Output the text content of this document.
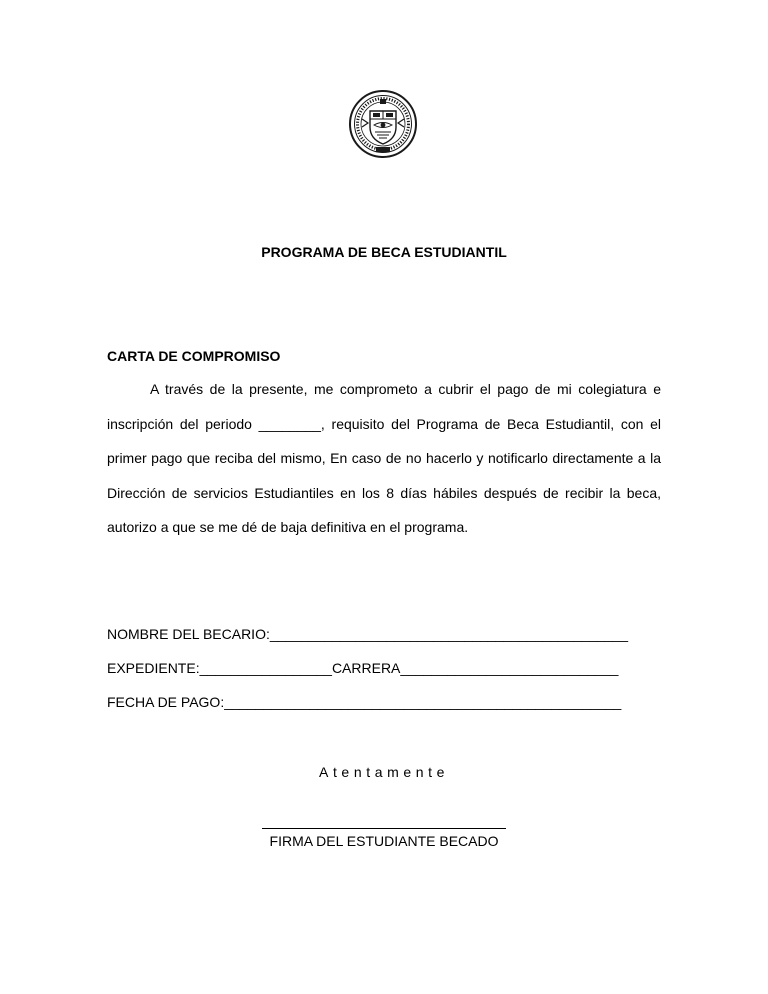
PROGRAMA DE BECA ESTUDIANTIL
CARTA DE COMPROMISO

A través de la presente, me comprometo a cubrir el pago de mi colegiatura e inscripción del periodo ________, requisito del Programa de Beca Estudiantil, con el primer pago que reciba del mismo, En caso de no hacerlo y notificarlo directamente a la Dirección de servicios Estudiantiles en los 8 días hábiles después de recibir la beca, autorizo a que se me dé de baja definitiva en el programa.

NOMBRE DEL BECARIO:______________________________________________

EXPEDIENTE:_________________CARRERA____________________________

FECHA DE PAGO:___________________________________________________

Atentamente

FIRMA DEL ESTUDIANTE BECADO
